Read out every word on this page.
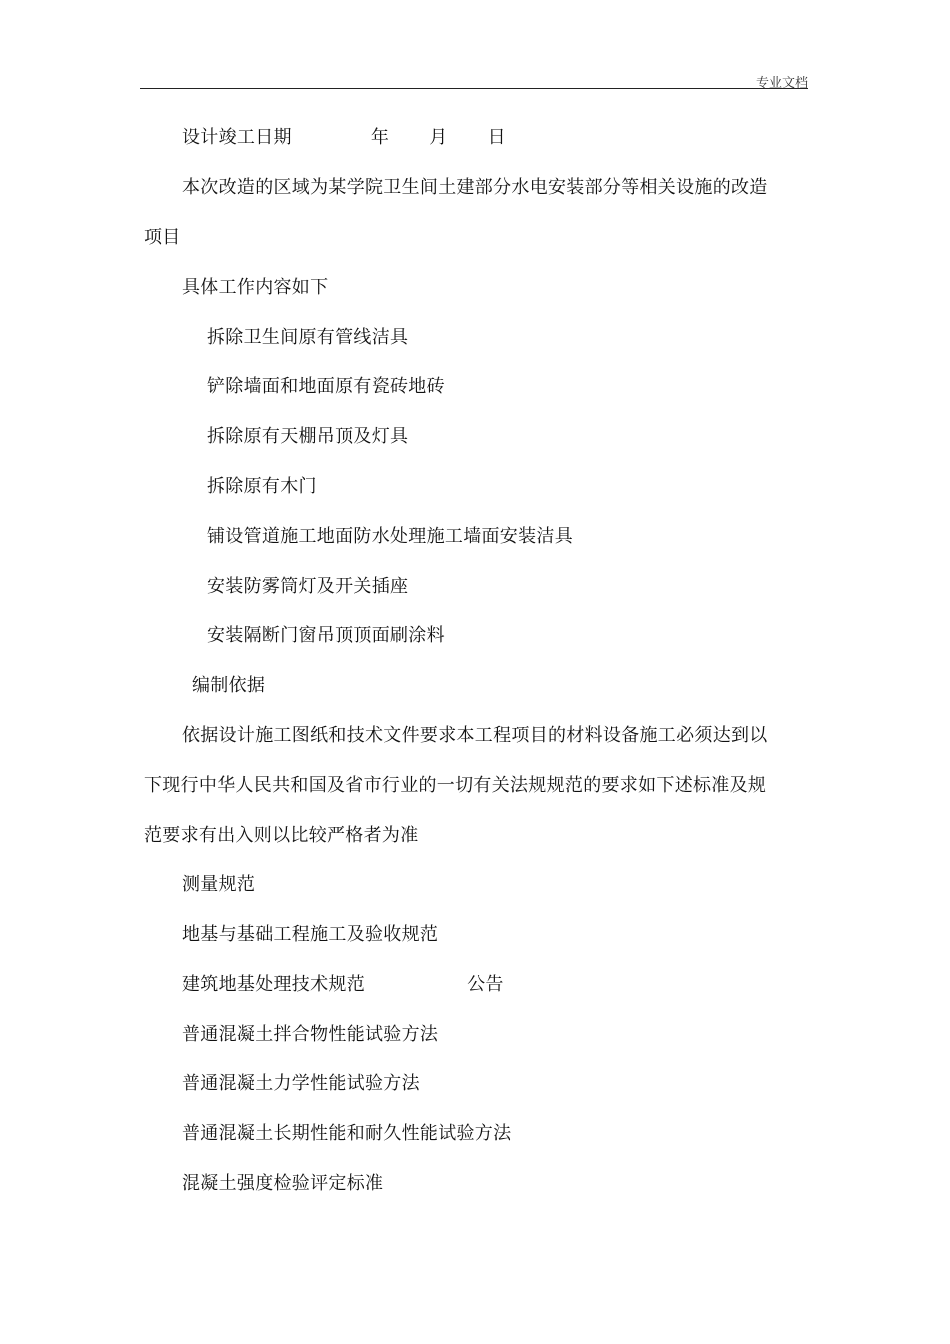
专业文档
设计竣工日期	年 月 日
本次改造的区域为某学院卫生间土建部分水电安装部分等相关设施的改造
项目
具体工作内容如下
拆除卫生间原有管线洁具
铲除墙面和地面原有瓷砖地砖
拆除原有天棚吊顶及灯具
拆除原有木门
铺设管道施工地面防水处理施工墙面安装洁具
安装防雾筒灯及开关插座
安装隔断门窗吊顶顶面刷涂料
编制依据
依据设计施工图纸和技术文件要求本工程项目的材料设备施工必须达到以
下现行中华人民共和国及省市行业的一切有关法规规范的要求如下述标准及规
范要求有出入则以比较严格者为准
测量规范
地基与基础工程施工及验收规范
建筑地基处理技术规范	公告
普通混凝土拌合物性能试验方法
普通混凝土力学性能试验方法
普通混凝土长期性能和耐久性能试验方法
混凝土强度检验评定标准
